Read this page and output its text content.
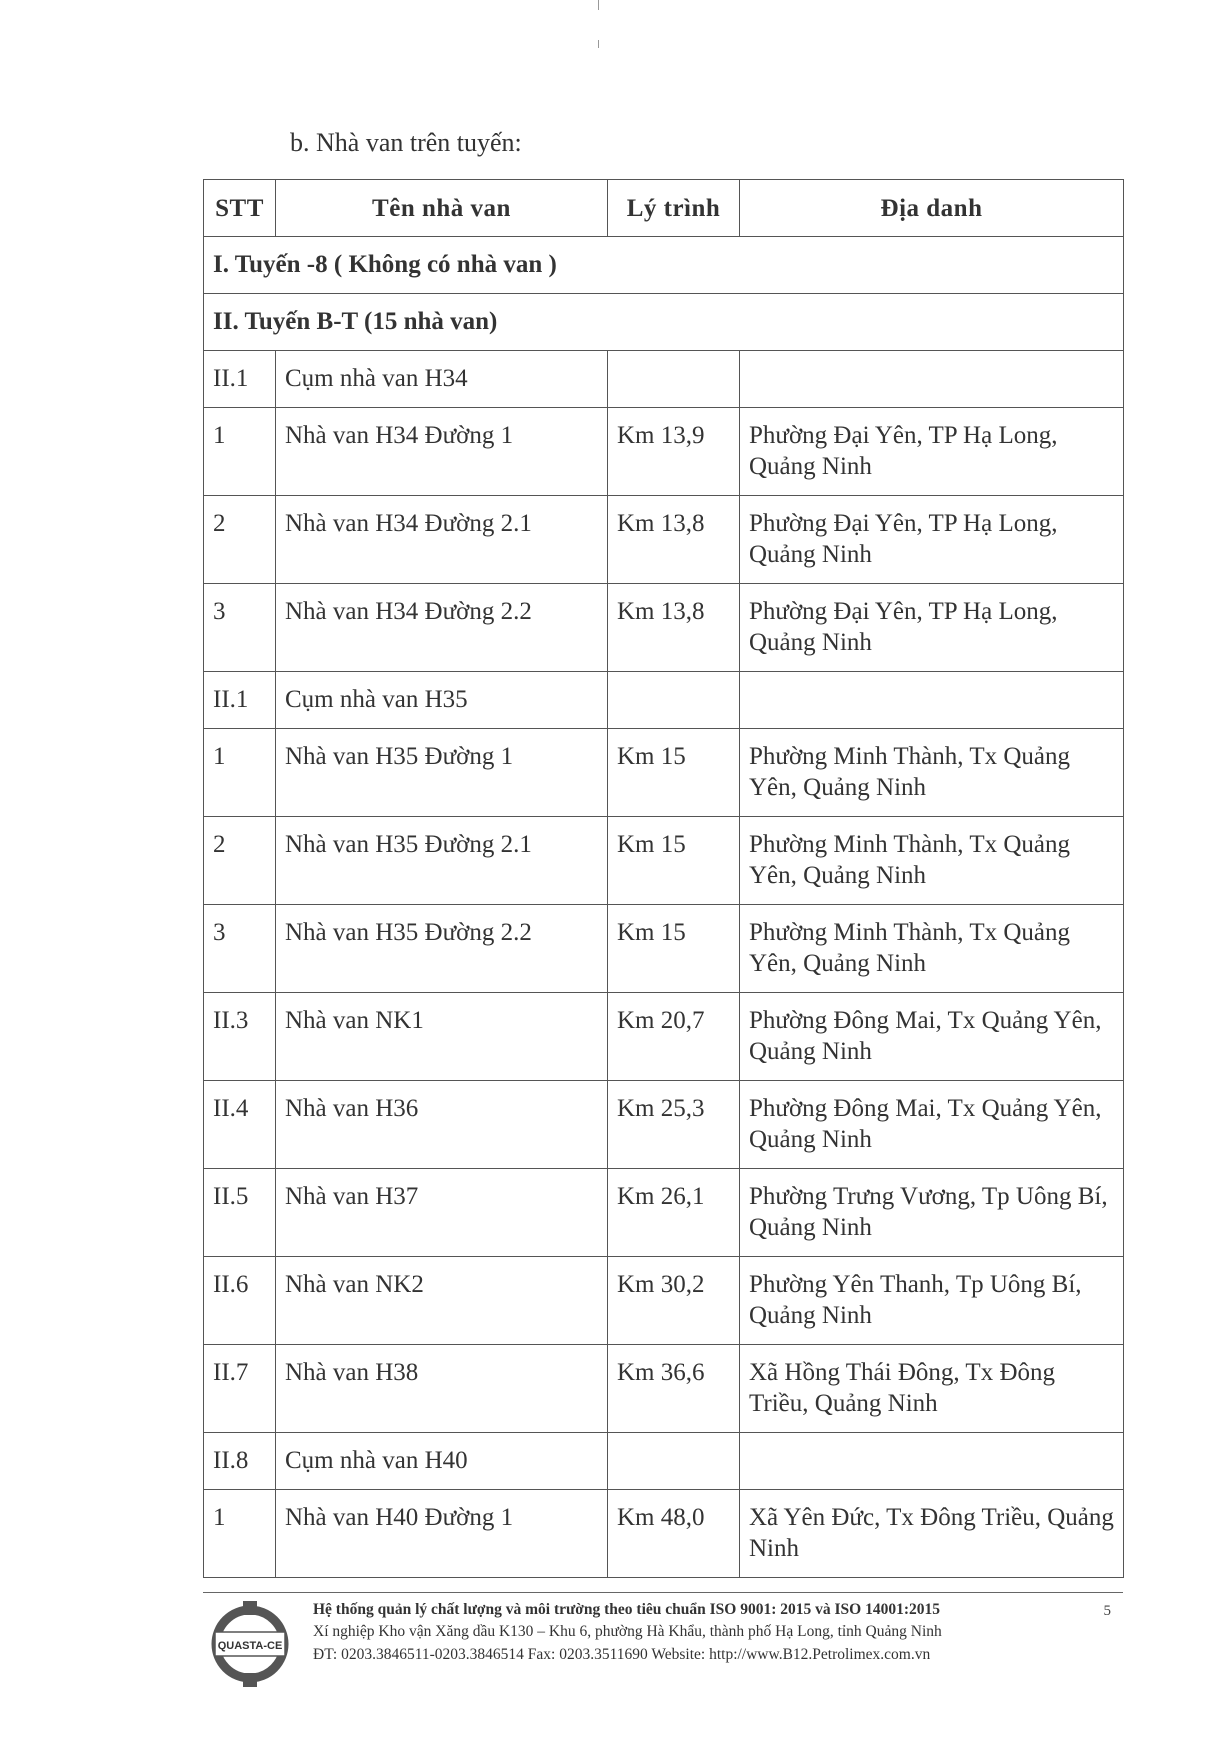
b. Nhà van trên tuyến:
STT	Tên nhà van	Lý trình	Địa danh
I. Tuyến -8 ( Không có nhà van )			
II. Tuyến B-T (15 nhà van)			
II.1	Cụm nhà van H34		
1	Nhà van H34 Đường 1	Km 13,9	Phường Đại Yên, TP Hạ Long, Quảng Ninh
2	Nhà van H34 Đường 2.1	Km 13,8	Phường Đại Yên, TP Hạ Long, Quảng Ninh
3	Nhà van H34 Đường 2.2	Km 13,8	Phường Đại Yên, TP Hạ Long, Quảng Ninh
II.1	Cụm nhà van H35		
1	Nhà van H35 Đường 1	Km 15	Phường Minh Thành, Tx Quảng Yên, Quảng Ninh
2	Nhà van H35 Đường 2.1	Km 15	Phường Minh Thành, Tx Quảng Yên, Quảng Ninh
3	Nhà van H35 Đường 2.2	Km 15	Phường Minh Thành, Tx Quảng Yên, Quảng Ninh
II.3	Nhà van NK1	Km 20,7	Phường Đông Mai, Tx Quảng Yên, Quảng Ninh
II.4	Nhà van H36	Km 25,3	Phường Đông Mai, Tx Quảng Yên, Quảng Ninh
II.5	Nhà van H37	Km 26,1	Phường Trưng Vương, Tp Uông Bí, Quảng Ninh
II.6	Nhà van NK2	Km 30,2	Phường Yên Thanh, Tp Uông Bí, Quảng Ninh
II.7	Nhà van H38	Km 36,6	Xã Hồng Thái Đông, Tx Đông Triều, Quảng Ninh
II.8	Cụm nhà van H40		
1	Nhà van H40 Đường 1	Km 48,0	Xã Yên Đức, Tx Đông Triều, Quảng Ninh
QUASTA-CE
Hệ thống quản lý chất lượng và môi trường theo tiêu chuẩn ISO 9001: 2015 và ISO 14001:2015
Xí nghiệp Kho vận Xăng dầu K130 – Khu 6, phường Hà Khẩu, thành phố Hạ Long, tỉnh Quảng Ninh
ĐT: 0203.3846511-0203.3846514 Fax: 0203.3511690 Website: http://www.B12.Petrolimex.com.vn
5
